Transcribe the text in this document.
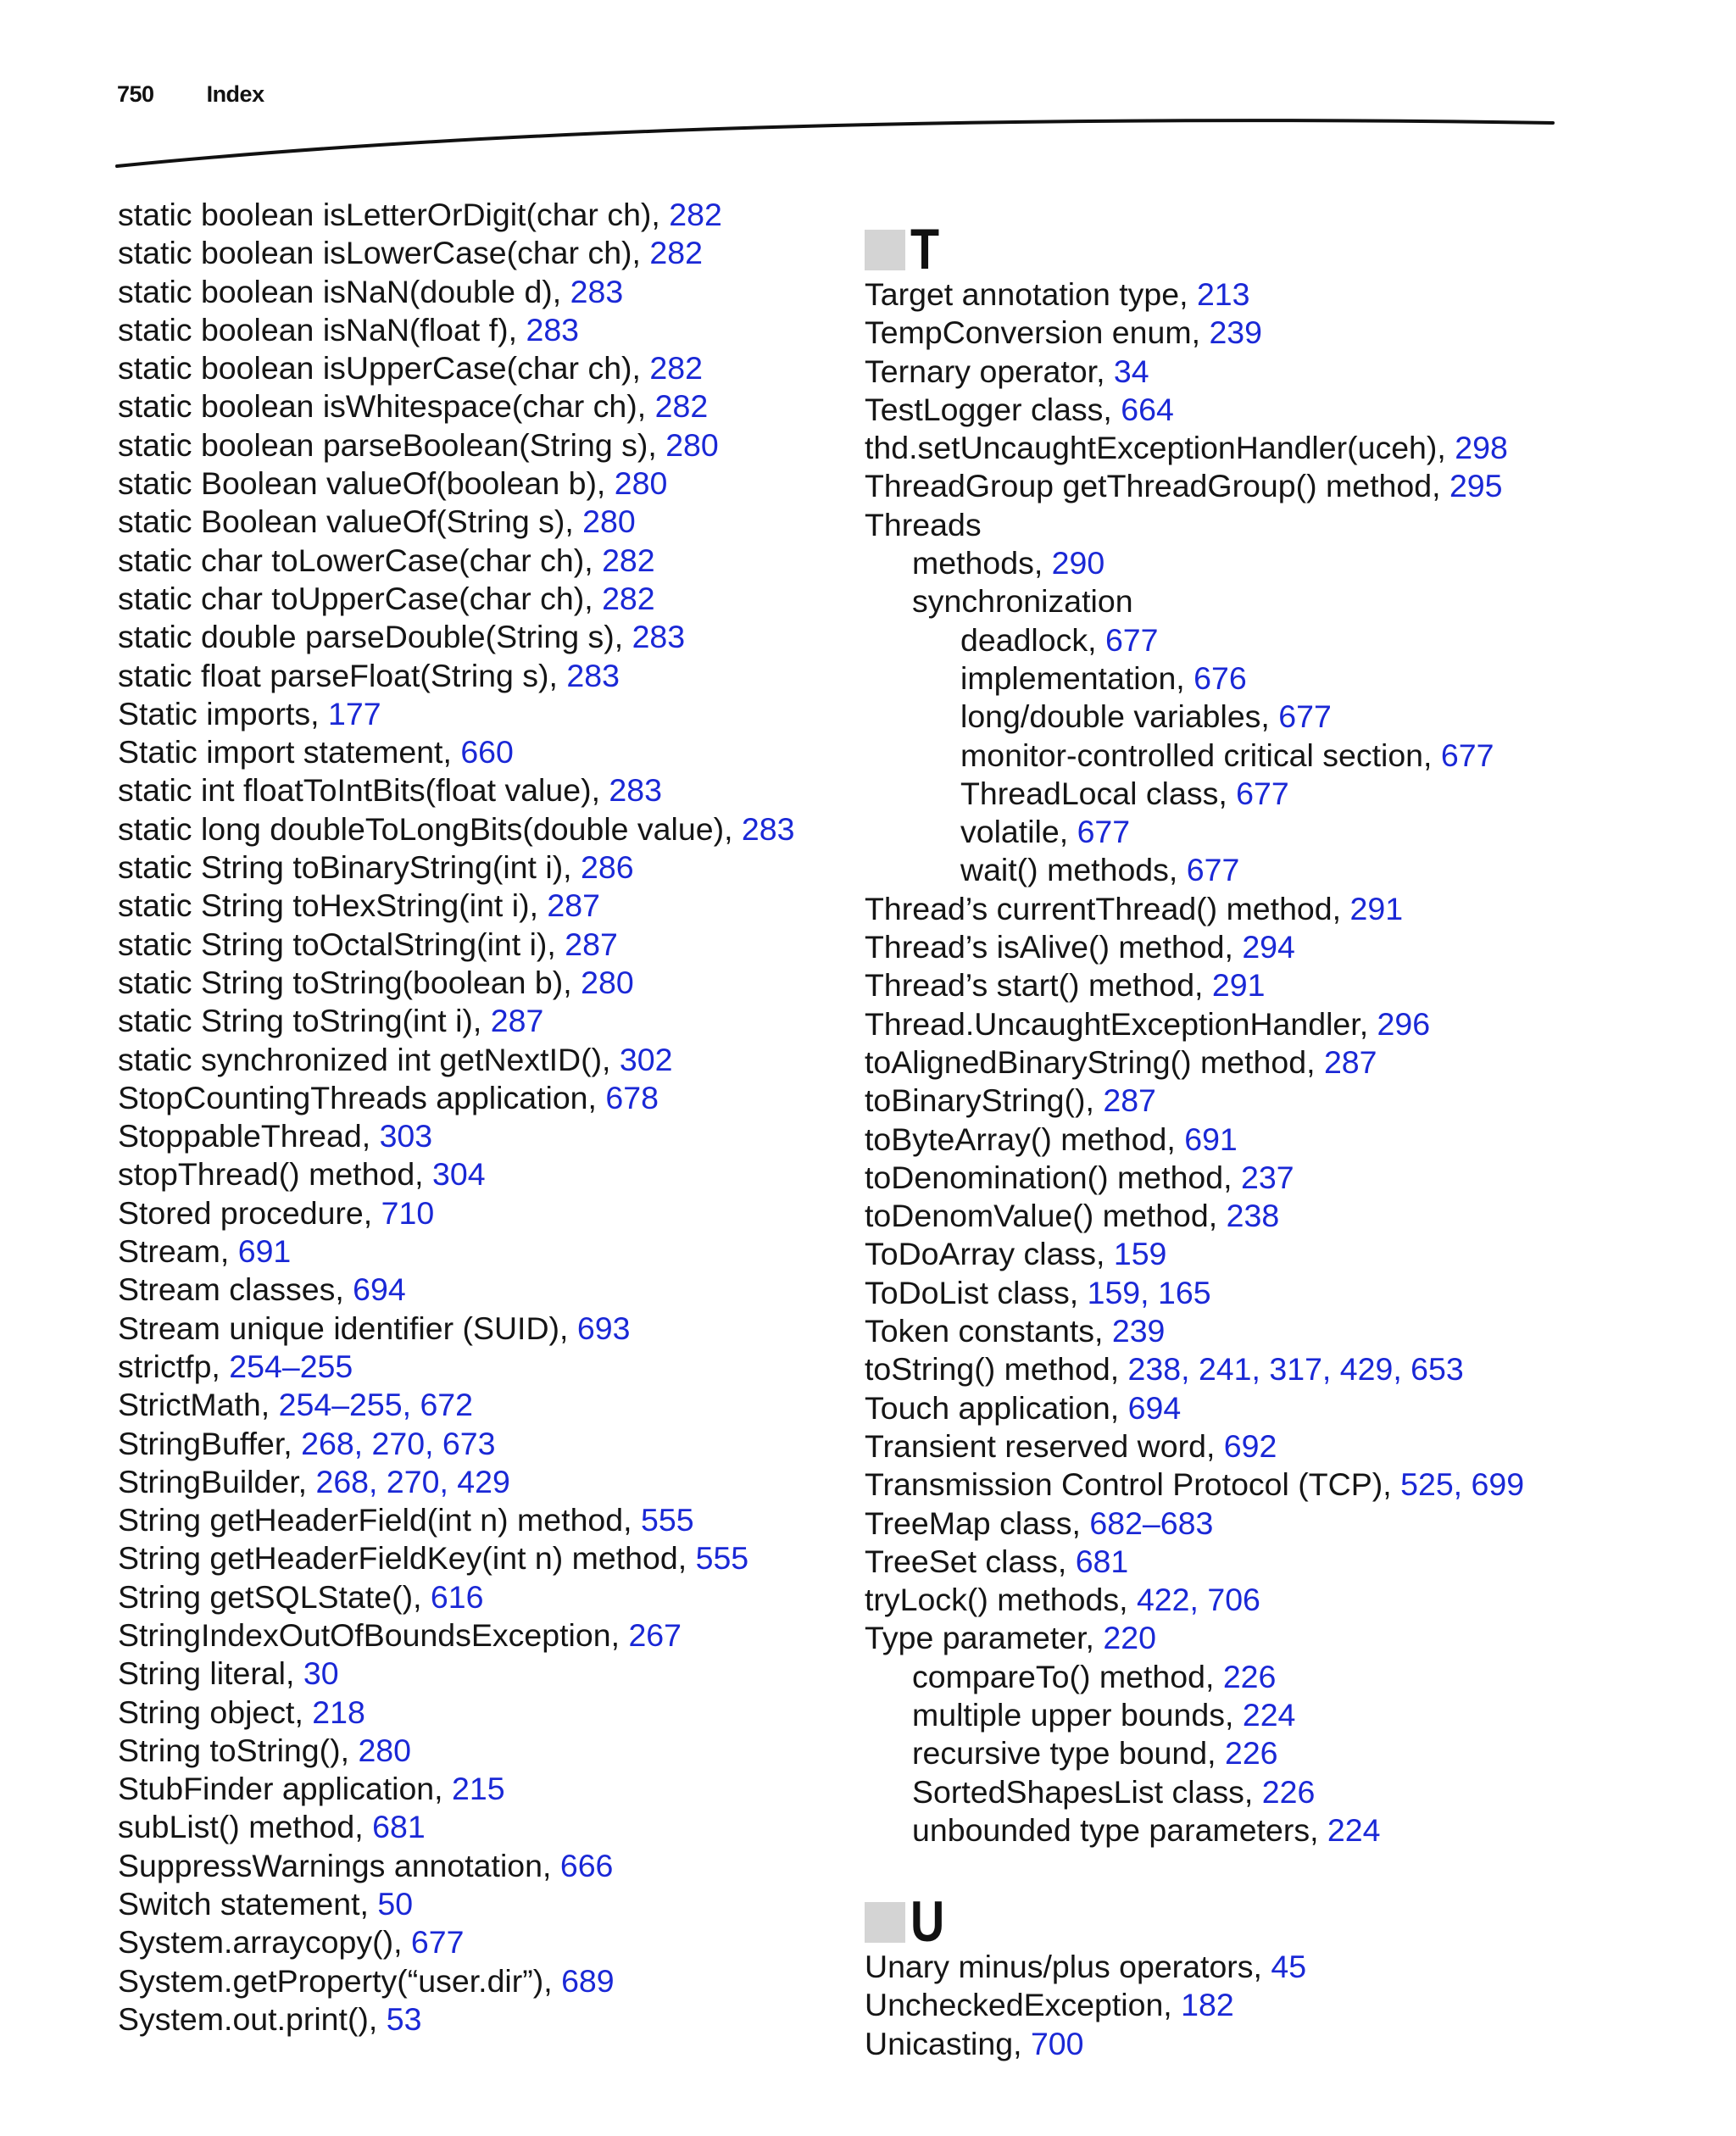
750 Index
static boolean isLetterOrDigit(char ch), 282
static boolean isLowerCase(char ch), 282
static boolean isNaN(double d), 283
static boolean isNaN(float f), 283
static boolean isUpperCase(char ch), 282
static boolean isWhitespace(char ch), 282
static boolean parseBoolean(String s), 280
static Boolean valueOf(boolean b), 280
static Boolean valueOf(String s), 280
static char toLowerCase(char ch), 282
static char toUpperCase(char ch), 282
static double parseDouble(String s), 283
static float parseFloat(String s), 283
Static imports, 177
Static import statement, 660
static int floatToIntBits(float value), 283
static long doubleToLongBits(double value), 283
static String toBinaryString(int i), 286
static String toHexString(int i), 287
static String toOctalString(int i), 287
static String toString(boolean b), 280
static String toString(int i), 287
static synchronized int getNextID(), 302
StopCountingThreads application, 678
StoppableThread, 303
stopThread() method, 304
Stored procedure, 710
Stream, 691
Stream classes, 694
Stream unique identifier (SUID), 693
strictfp, 254–255
StrictMath, 254–255, 672
StringBuffer, 268, 270, 673
StringBuilder, 268, 270, 429
String getHeaderField(int n) method, 555
String getHeaderFieldKey(int n) method, 555
String getSQLState(), 616
StringIndexOutOfBoundsException, 267
String literal, 30
String object, 218
String toString(), 280
StubFinder application, 215
subList() method, 681
SuppressWarnings annotation, 666
Switch statement, 50
System.arraycopy(), 677
System.getProperty(“user.dir”), 689
System.out.print(), 53
T
Target annotation type, 213
TempConversion enum, 239
Ternary operator, 34
TestLogger class, 664
thd.setUncaughtExceptionHandler(uceh), 298
ThreadGroup getThreadGroup() method, 295
Threads
methods, 290
synchronization
deadlock, 677
implementation, 676
long/double variables, 677
monitor-controlled critical section, 677
ThreadLocal class, 677
volatile, 677
wait() methods, 677
Thread’s currentThread() method, 291
Thread’s isAlive() method, 294
Thread’s start() method, 291
Thread.UncaughtExceptionHandler, 296
toAlignedBinaryString() method, 287
toBinaryString(), 287
toByteArray() method, 691
toDenomination() method, 237
toDenomValue() method, 238
ToDoArray class, 159
ToDoList class, 159, 165
Token constants, 239
toString() method, 238, 241, 317, 429, 653
Touch application, 694
Transient reserved word, 692
Transmission Control Protocol (TCP), 525, 699
TreeMap class, 682–683
TreeSet class, 681
tryLock() methods, 422, 706
Type parameter, 220
compareTo() method, 226
multiple upper bounds, 224
recursive type bound, 226
SortedShapesList class, 226
unbounded type parameters, 224
U
Unary minus/plus operators, 45
UncheckedException, 182
Unicasting, 700
